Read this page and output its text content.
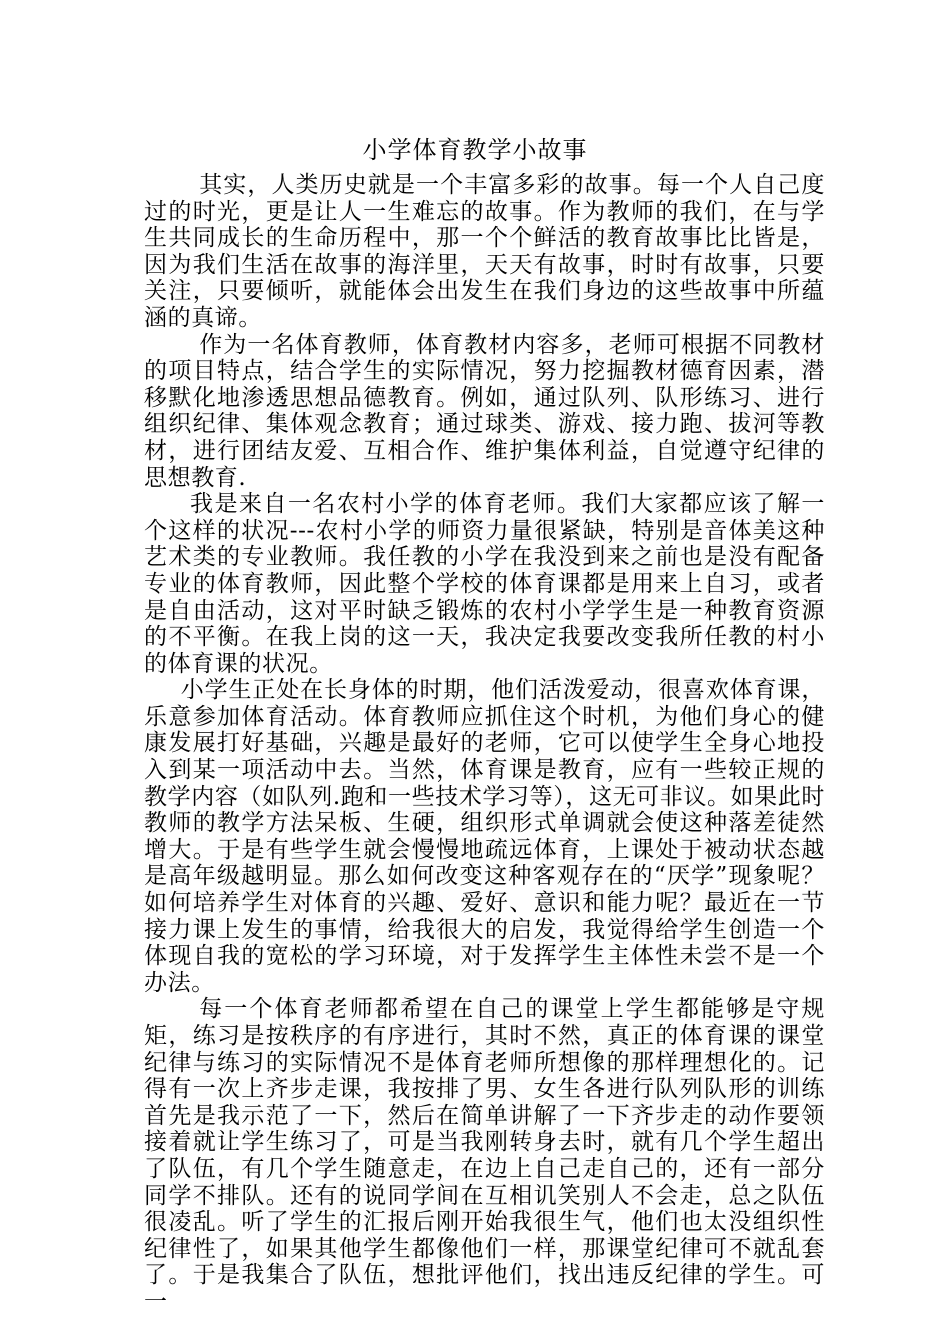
小学体育教学小故事

其实，人类历史就是一个丰富多彩的故事。每一个人自己度过的时光，更是让人一生难忘的故事。作为教师的我们，在与学生共同成长的生命历程中，那一个个鲜活的教育故事比比皆是，因为我们生活在故事的海洋里，天天有故事，时时有故事，只要关注，只要倾听，就能体会出发生在我们身边的这些故事中所蕴涵的真谛。

作为一名体育教师，体育教材内容多，老师可根据不同教材的项目特点，结合学生的实际情况，努力挖掘教材德育因素，潜移默化地渗透思想品德教育。例如，通过队列、队形练习、进行组织纪律、集体观念教育；通过球类、游戏、接力跑、拔河等教材，进行团结友爱、互相合作、维护集体利益，自觉遵守纪律的思想教育.

我是来自一名农村小学的体育老师。我们大家都应该了解一个这样的状况---农村小学的师资力量很紧缺，特别是音体美这种艺术类的专业教师。我任教的小学在我没到来之前也是没有配备专业的体育教师，因此整个学校的体育课都是用来上自习，或者是自由活动，这对平时缺乏锻炼的农村小学学生是一种教育资源的不平衡。在我上岗的这一天，我决定我要改变我所任教的村小的体育课的状况。

小学生正处在长身体的时期，他们活泼爱动，很喜欢体育课，乐意参加体育活动。体育教师应抓住这个时机，为他们身心的健康发展打好基础，兴趣是最好的老师，它可以使学生全身心地投入到某一项活动中去。当然，体育课是教育，应有一些较正规的教学内容（如队列.跑和一些技术学习等），这无可非议。如果此时教师的教学方法呆板、生硬，组织形式单调就会使这种落差徒然增大。于是有些学生就会慢慢地疏远体育，上课处于被动状态越是高年级越明显。那么如何改变这种客观存在的“厌学”现象呢？如何培养学生对体育的兴趣、爱好、意识和能力呢？最近在一节接力课上发生的事情，给我很大的启发，我觉得给学生创造一个体现自我的宽松的学习环境，对于发挥学生主体性未尝不是一个办法。

每一个体育老师都希望在自己的课堂上学生都能够是守规矩，练习是按秩序的有序进行，其时不然，真正的体育课的课堂纪律与练习的实际情况不是体育老师所想像的那样理想化的。记得有一次上齐步走课，我按排了男、女生各进行队列队形的训练首先是我示范了一下，然后在简单讲解了一下齐步走的动作要领接着就让学生练习了，可是当我刚转身去时，就有几个学生超出了队伍，有几个学生随意走，在边上自己走自己的，还有一部分同学不排队。还有的说同学间在互相讥笑别人不会走，总之队伍很凌乱。听了学生的汇报后刚开始我很生气，他们也太没组织性纪律性了，如果其他学生都像他们一样，那课堂纪律可不就乱套了。于是我集合了队伍，想批评他们，找出违反纪律的学生。可一
